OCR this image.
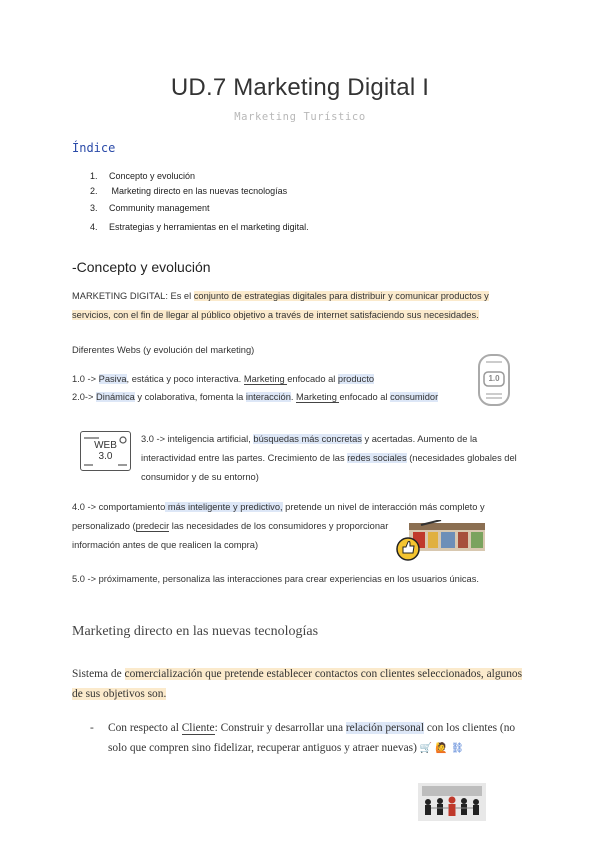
UD.7 Marketing Digital I
Marketing Turístico
Índice
1. Concepto y evolución
2. Marketing directo en las nuevas tecnologías
3. Community management
4. Estrategias y herramientas en el marketing digital.
-Concepto y evolución
MARKETING DIGITAL: Es el conjunto de estrategias digitales para distribuir y comunicar productos y
servicios, con el fin de llegar al público objetivo a través de internet satisfaciendo sus necesidades.
Diferentes Webs (y evolución del marketing)
1.0 -> Pasiva, estática y poco interactiva. Marketing enfocado al producto
2.0-> Dinámica y colaborativa, fomenta la interacción. Marketing enfocado al consumidor
1.0
WEB
3.0
3.0 -> inteligencia artificial, búsquedas más concretas y acertadas. Aumento de la
interactividad entre las partes. Crecimiento de las redes sociales (necesidades globales del
consumidor y de su entorno)
4.0 -> comportamiento más inteligente y predictivo, pretende un nivel de interacción más completo y
personalizado (predecir las necesidades de los consumidores y proporcionar
información antes de que realicen la compra)
5.0 -> próximamente, personaliza las interacciones para crear experiencias en los usuarios únicas.
Marketing directo en las nuevas tecnologías
Sistema de comercialización que pretende establecer contactos con clientes seleccionados, algunos
de sus objetivos son.
- Con respecto al Cliente: Construir y desarrollar una relación personal con los clientes (no
solo que compren sino fidelizar, recuperar antiguos y atraer nuevas) 🛒 🙋 ⛓
